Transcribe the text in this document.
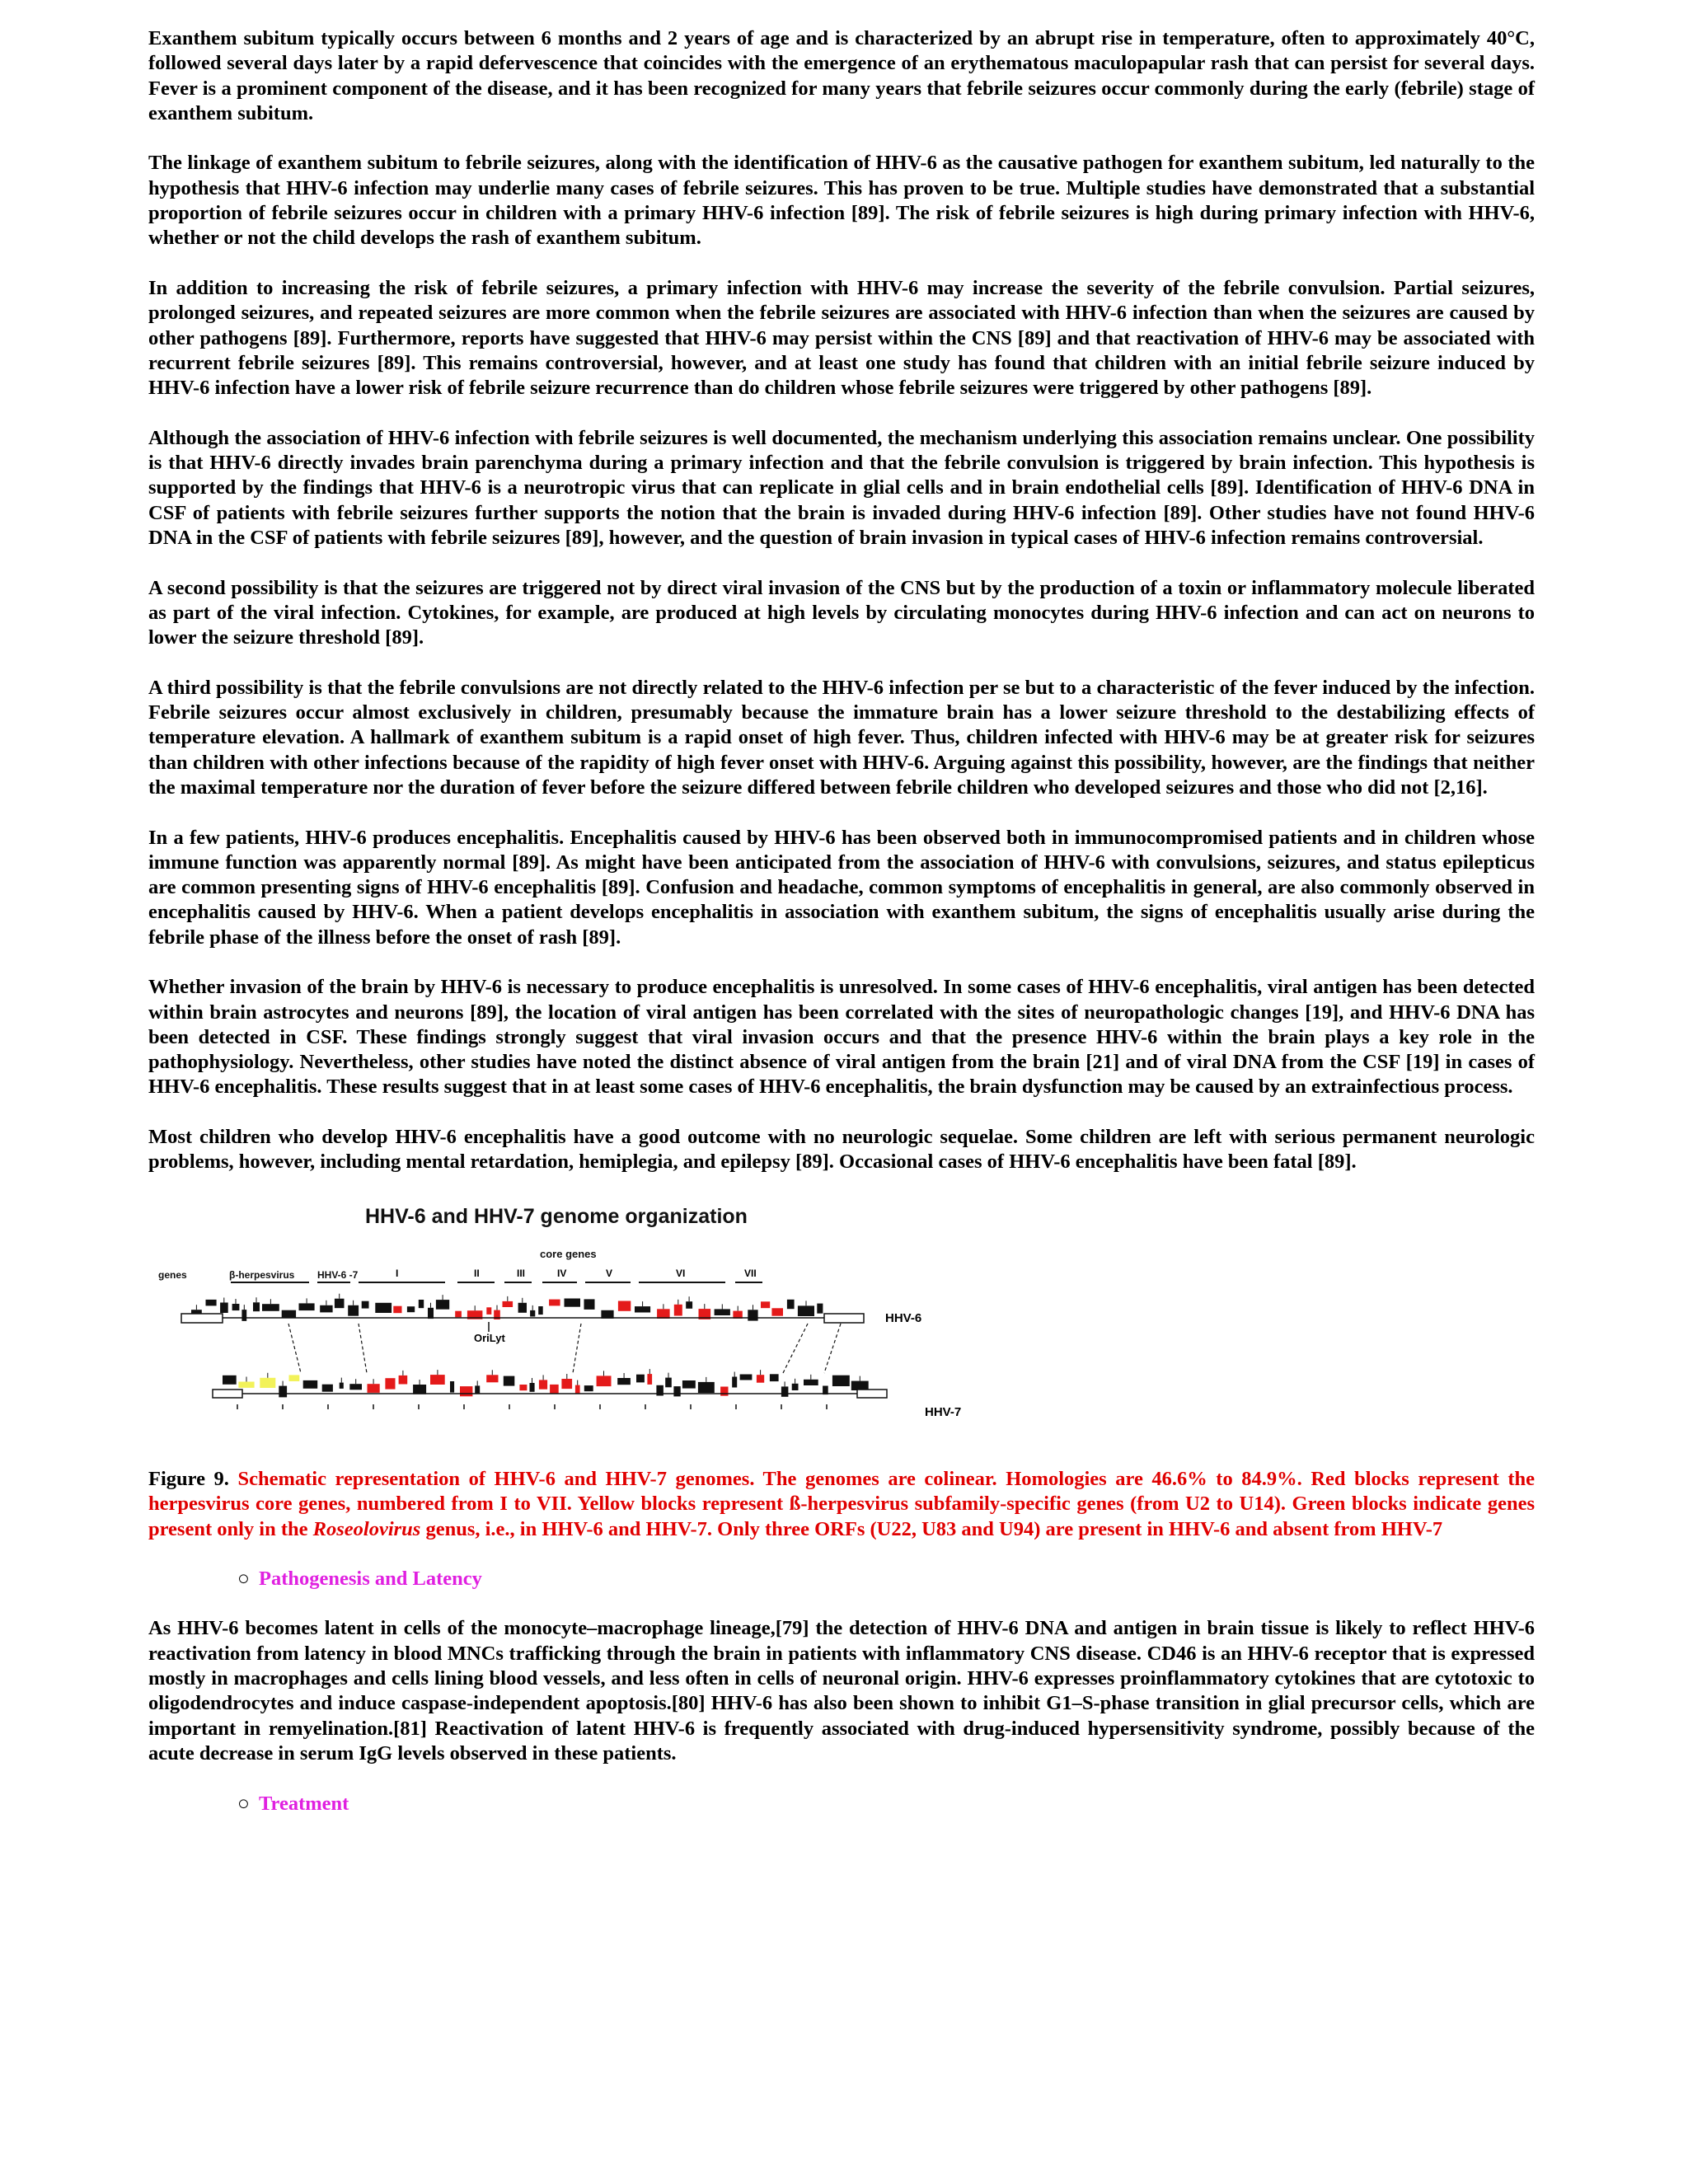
Exanthem subitum typically occurs between 6 months and 2 years of age and is characterized by an abrupt rise in temperature, often to approximately 40°C, followed several days later by a rapid defervescence that coincides with the emergence of an erythematous maculopapular rash that can persist for several days. Fever is a prominent component of the disease, and it has been recognized for many years that febrile seizures occur commonly during the early (febrile) stage of exanthem subitum.

The linkage of exanthem subitum to febrile seizures, along with the identification of HHV-6 as the causative pathogen for exanthem subitum, led naturally to the hypothesis that HHV-6 infection may underlie many cases of febrile seizures. This has proven to be true. Multiple studies have demonstrated that a substantial proportion of febrile seizures occur in children with a primary HHV-6 infection [89]. The risk of febrile seizures is high during primary infection with HHV-6, whether or not the child develops the rash of exanthem subitum.

In addition to increasing the risk of febrile seizures, a primary infection with HHV-6 may increase the severity of the febrile convulsion. Partial seizures, prolonged seizures, and repeated seizures are more common when the febrile seizures are associated with HHV-6 infection than when the seizures are caused by other pathogens [89]. Furthermore, reports have suggested that HHV-6 may persist within the CNS [89] and that reactivation of HHV-6 may be associated with recurrent febrile seizures [89]. This remains controversial, however, and at least one study has found that children with an initial febrile seizure induced by HHV-6 infection have a lower risk of febrile seizure recurrence than do children whose febrile seizures were triggered by other pathogens [89].

Although the association of HHV-6 infection with febrile seizures is well documented, the mechanism underlying this association remains unclear. One possibility is that HHV-6 directly invades brain parenchyma during a primary infection and that the febrile convulsion is triggered by brain infection. This hypothesis is supported by the findings that HHV-6 is a neurotropic virus that can replicate in glial cells and in brain endothelial cells [89]. Identification of HHV-6 DNA in CSF of patients with febrile seizures further supports the notion that the brain is invaded during HHV-6 infection [89]. Other studies have not found HHV-6 DNA in the CSF of patients with febrile seizures [89], however, and the question of brain invasion in typical cases of HHV-6 infection remains controversial.

A second possibility is that the seizures are triggered not by direct viral invasion of the CNS but by the production of a toxin or inflammatory molecule liberated as part of the viral infection. Cytokines, for example, are produced at high levels by circulating monocytes during HHV-6 infection and can act on neurons to lower the seizure threshold [89].

A third possibility is that the febrile convulsions are not directly related to the HHV-6 infection per se but to a characteristic of the fever induced by the infection. Febrile seizures occur almost exclusively in children, presumably because the immature brain has a lower seizure threshold to the destabilizing effects of temperature elevation. A hallmark of exanthem subitum is a rapid onset of high fever. Thus, children infected with HHV-6 may be at greater risk for seizures than children with other infections because of the rapidity of high fever onset with HHV-6. Arguing against this possibility, however, are the findings that neither the maximal temperature nor the duration of fever before the seizure differed between febrile children who developed seizures and those who did not [2,16].

In a few patients, HHV-6 produces encephalitis. Encephalitis caused by HHV-6 has been observed both in immunocompromised patients and in children whose immune function was apparently normal [89]. As might have been anticipated from the association of HHV-6 with convulsions, seizures, and status epilepticus are common presenting signs of HHV-6 encephalitis [89]. Confusion and headache, common symptoms of encephalitis in general, are also commonly observed in encephalitis caused by HHV-6. When a patient develops encephalitis in association with exanthem subitum, the signs of encephalitis usually arise during the febrile phase of the illness before the onset of rash [89].

Whether invasion of the brain by HHV-6 is necessary to produce encephalitis is unresolved. In some cases of HHV-6 encephalitis, viral antigen has been detected within brain astrocytes and neurons [89], the location of viral antigen has been correlated with the sites of neuropathologic changes [19], and HHV-6 DNA has been detected in CSF. These findings strongly suggest that viral invasion occurs and that the presence HHV-6 within the brain plays a key role in the pathophysiology. Nevertheless, other studies have noted the distinct absence of viral antigen from the brain [21] and of viral DNA from the CSF [19] in cases of HHV-6 encephalitis. These results suggest that in at least some cases of HHV-6 encephalitis, the brain dysfunction may be caused by an extrainfectious process.

Most children who develop HHV-6 encephalitis have a good outcome with no neurologic sequelae. Some children are left with serious permanent neurologic problems, however, including mental retardation, hemiplegia, and epilepsy [89]. Occasional cases of HHV-6 encephalitis have been fatal [89].

HHV-6 and HHV-7 genome organization
core genes
genes	β-herpesvirus HHV-6 -7	I	II	III	IV	V	VI	VII
HHV-6
OriLyt
HHV-7
Figure 9. Schematic representation of HHV-6 and HHV-7 genomes. The genomes are colinear. Homologies are 46.6% to 84.9%. Red blocks represent the herpesvirus core genes, numbered from I to VII. Yellow blocks represent ß-herpesvirus subfamily-specific genes (from U2 to U14). Green blocks indicate genes present only in the Roseolovirus genus, i.e., in HHV-6 and HHV-7. Only three ORFs (U22, U83 and U94) are present in HHV-6 and absent from HHV-7
○ Pathogenesis and Latency

As HHV-6 becomes latent in cells of the monocyte–macrophage lineage,[79] the detection of HHV-6 DNA and antigen in brain tissue is likely to reflect HHV-6 reactivation from latency in blood MNCs trafficking through the brain in patients with inflammatory CNS disease. CD46 is an HHV-6 receptor that is expressed mostly in macrophages and cells lining blood vessels, and less often in cells of neuronal origin. HHV-6 expresses proinflammatory cytokines that are cytotoxic to oligodendrocytes and induce caspase-independent apoptosis.[80] HHV-6 has also been shown to inhibit G1–S-phase transition in glial precursor cells, which are important in remyelination.[81] Reactivation of latent HHV-6 is frequently associated with drug-induced hypersensitivity syndrome, possibly because of the acute decrease in serum IgG levels observed in these patients.

○ Treatment
